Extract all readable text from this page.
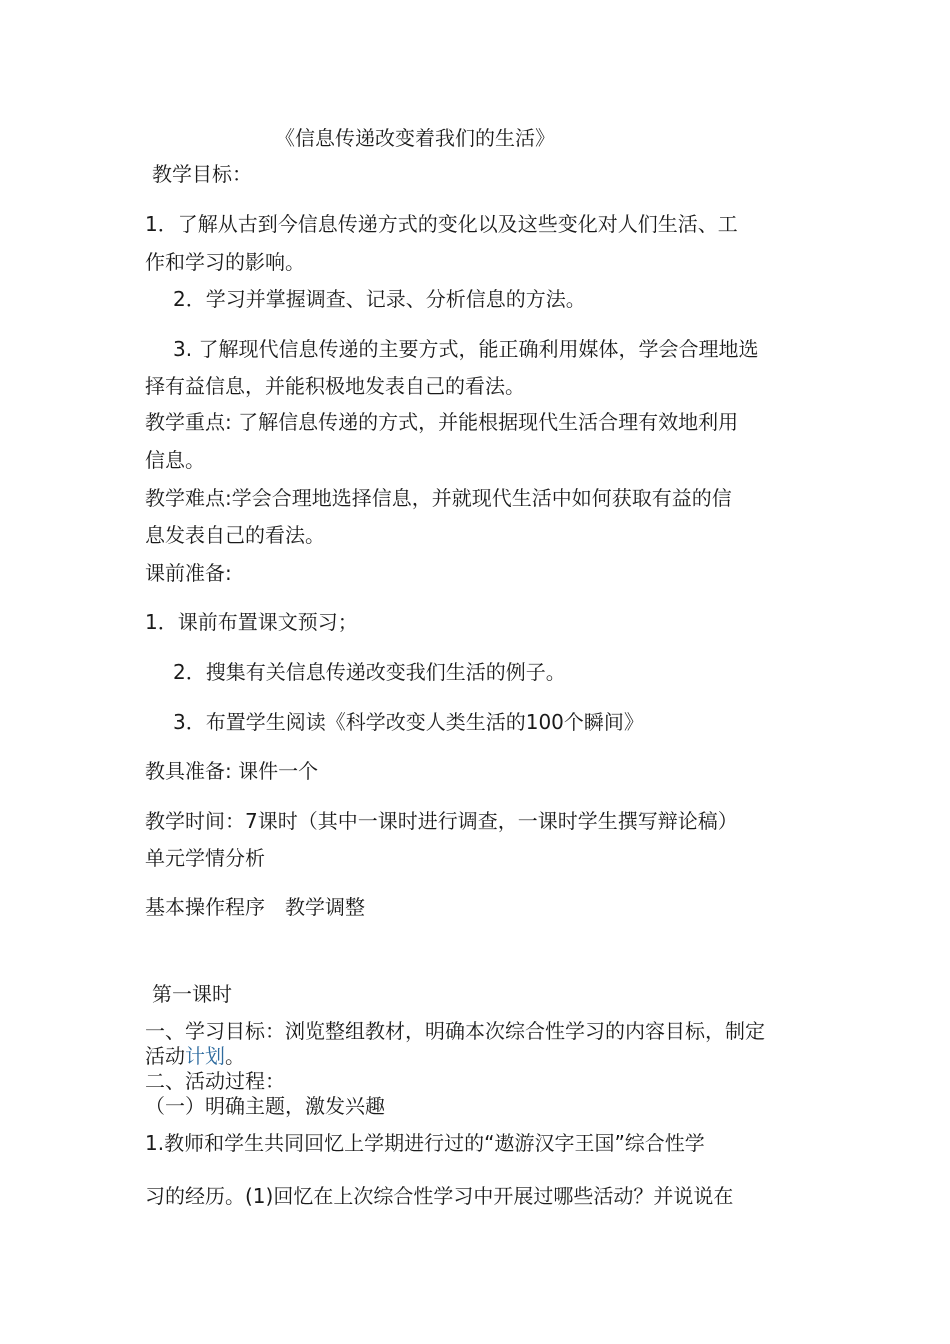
《信息传递改变着我们的生活》
教学目标：
1．了解从古到今信息传递方式的变化以及这些变化对人们生活、工
作和学习的影响。
2．学习并掌握调查、记录、分析信息的方法。
3. 了解现代信息传递的主要方式，能正确利用媒体，学会合理地选
择有益信息，并能积极地发表自己的看法。
教学重点: 了解信息传递的方式，并能根据现代生活合理有效地利用
信息。
教学难点:学会合理地选择信息，并就现代生活中如何获取有益的信
息发表自己的看法。
课前准备:
1．课前布置课文预习；
2．搜集有关信息传递改变我们生活的例子。
3．布置学生阅读《科学改变人类生活的100个瞬间》
教具准备: 课件一个
教学时间：7课时（其中一课时进行调查，一课时学生撰写辩论稿）
单元学情分析
基本操作程序　教学调整
第一课时
一、学习目标：浏览整组教材，明确本次综合性学习的内容目标，制定
活动计划。
二、活动过程：
（一）明确主题，激发兴趣
1.教师和学生共同回忆上学期进行过的“遨游汉字王国”综合性学
习的经历。(1)回忆在上次综合性学习中开展过哪些活动？并说说在
